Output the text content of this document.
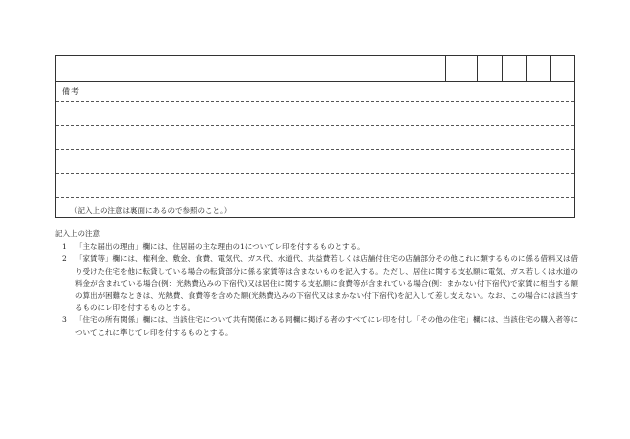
備考
（記入上の注意は裏面にあるので参照のこと。）
記入上の注意
1 「主な届出の理由」欄には、住居届の主な理由の1についてレ印を付するものとする。
2 「家賃等」欄には、権利金、敷金、食費、電気代、ガス代、水道代、共益費若しくは店舗付住宅の店舗部分その他これに類するものに係る借料又は借り受けた住宅を他に転貸している場合の転貸部分に係る家賃等は含まないものを記入する。ただし、居住に関する支払額に電気、ガス若しくは水道の料金が含まれている場合(例：光熱費込みの下宿代)又は居住に関する支払額に食費等が含まれている場合(例：まかない付下宿代)で家賃に相当する額の算出が困難なときは、光熱費、食費等を含めた額(光熱費込みの下宿代又はまかない付下宿代)を記入して差し支えない。なお、この場合には該当するものにレ印を付するものとする。
3 「住宅の所有関係」欄には、当該住宅について共有関係にある同欄に掲げる者のすべてにレ印を付し「その他の住宅」欄には、当該住宅の購入者等についてこれに準じてレ印を付するものとする。
